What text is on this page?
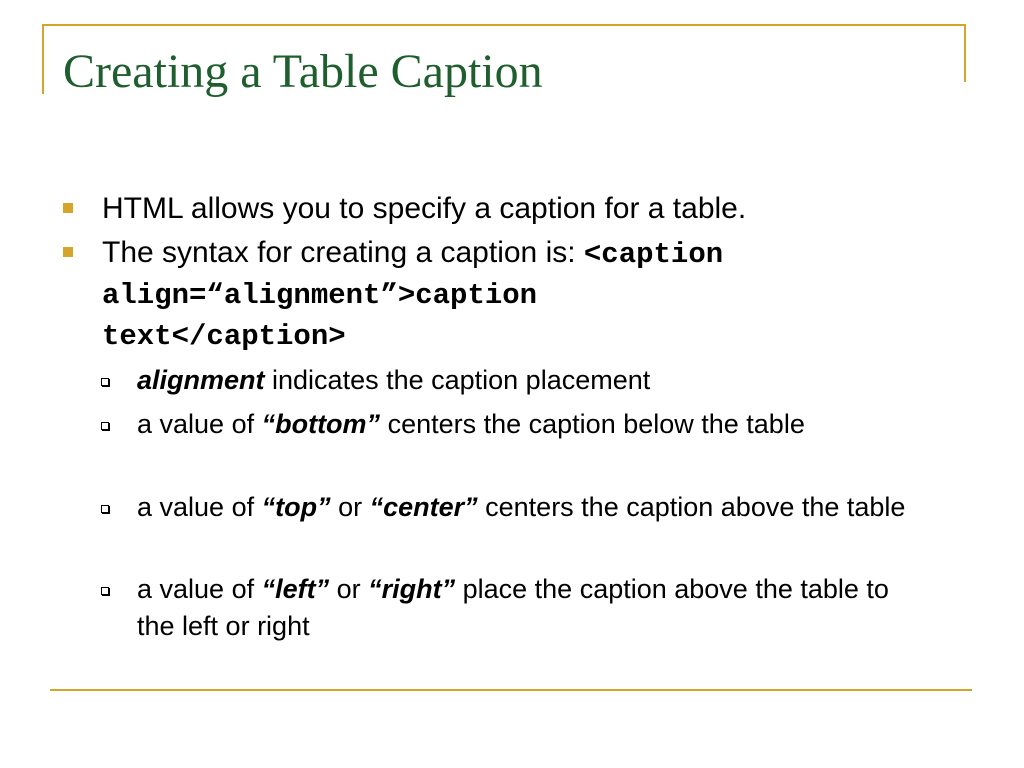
Creating a Table Caption
HTML allows you to specify a caption for a table.
The syntax for creating a caption is: <caption
align=“alignment”>caption
text</caption>
alignment indicates the caption placement
a value of “bottom” centers the caption below the table
a value of “top” or “center” centers the caption above the table
a value of “left” or “right” place the caption above the table to the left or right
